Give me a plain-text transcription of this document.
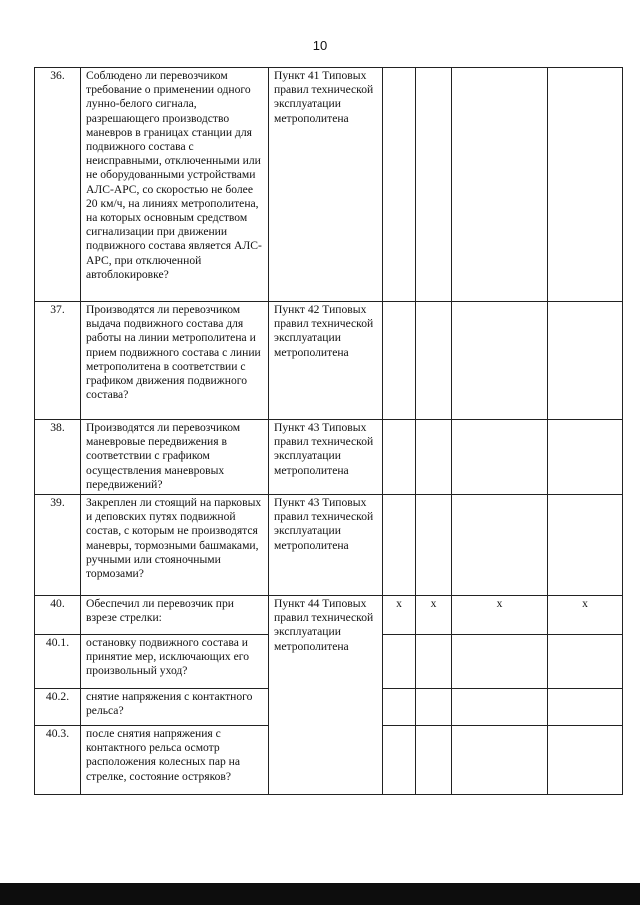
10
36.	Соблюдено ли перевозчиком требование о применении одного лунно-белого сигнала, разрешающего производство маневров в границах станции для подвижного состава с неисправными, отключенными или не оборудованными устройствами АЛС-АРС, со скоростью не более 20 км/ч, на линиях метрополитена, на которых основным средством сигнализации при движении подвижного состава является АЛС-АРС, при отключенной автоблокировке?	Пункт 41 Типовых правил технической эксплуатации метрополитена				
37.	Производятся ли перевозчиком выдача подвижного состава для работы на линии метрополитена и прием подвижного состава с линии метрополитена в соответствии с графиком движения подвижного состава?	Пункт 42 Типовых правил технической эксплуатации метрополитена				
38.	Производятся ли перевозчиком маневровые передвижения в соответствии с графиком осуществления маневровых передвижений?	Пункт 43 Типовых правил технической эксплуатации метрополитена				
39.	Закреплен ли стоящий на парковых и деповских путях подвижной состав, с которым не производятся маневры, тормозными башмаками, ручными или стояночными тормозами?	Пункт 43 Типовых правил технической эксплуатации метрополитена				
40.	Обеспечил ли перевозчик при взрезе стрелки:	Пункт 44 Типовых правил технической эксплуатации метрополитена	x	x	x	x
40.1.	остановку подвижного состава и принятие мер, исключающих его произвольный уход?					
40.2.	снятие напряжения с контактного рельса?					
40.3.	после снятия напряжения с контактного рельса осмотр расположения колесных пар на стрелке, состояние остряков?					
